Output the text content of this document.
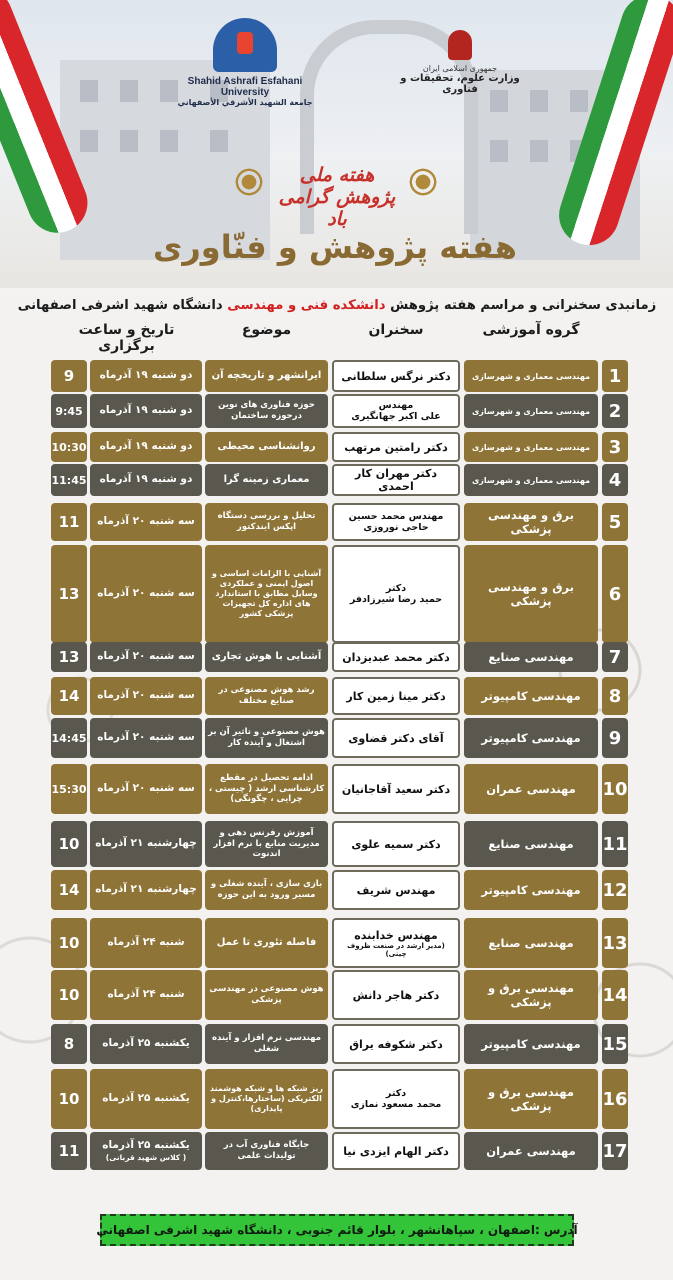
Shahid Ashrafi Esfahani University
جامعة الشهيد الأشرقي الأصفهاني
جمهوری اسلامی ایران
وزارت علوم، تحقیقات و فناوری
هفته ملی پژوهش گرامی باد
هفته پژوهش و فنّاوری
زمانبدی سخنرانی و مراسم هفته پژوهش دانشکده فنی و مهندسی دانشگاه شهید اشرفی اصفهانی
گروه آموزشی
سخنران
موضوع
تاریخ و ساعت برگزاری
1
مهندسی معماری و شهرسازی
دکتر نرگس سلطانی
ایرانشهر و تاریخچه آن
دو شنبه ۱۹ آذرماه
9
2
مهندسی معماری و شهرسازی
مهندس
علی اکبر جهانگیری
حوزه فناوری های نوین درحوزه ساختمان
دو شنبه ۱۹ آذرماه
9:45
3
مهندسی معماری و شهرسازی
دکتر رامتین مرتهب
روانشناسی محیطی
دو شنبه ۱۹ آذرماه
10:30
4
مهندسی معماری و شهرسازی
دکتر مهران کار احمدی
معماری زمینه گرا
دو شنبه ۱۹ آذرماه
11:45
5
برق و مهندسی پزشکی
مهندس محمد حسین حاجی نوروزی
تحلیل و بررسی دستگاه اپکس ایندکتور
سه شنبه ۲۰ آذرماه
11
6
برق و مهندسی پزشکی
دکتر
حمید رضا شیرزادفر
آشنایی با الزامات اساسی و اصول ایمنی و عملکردی وسایل مطابق با استاندارد های اداره کل تجهیزات پزشکی کشور
سه شنبه ۲۰ آذرماه
13
7
مهندسی صنایع
دکتر محمد عبدیزدان
آشنایی با هوش تجاری
سه شنبه ۲۰ آذرماه
13
8
مهندسی کامپیوتر
دکتر مینا زمین کار
رشد هوش مصنوعی در صنایع مختلف
سه شنبه ۲۰ آذرماه
14
9
مهندسی کامپیوتر
آقای دکتر قضاوی
هوش مصنوعی و تاثیر آن بر اشتغال و آینده کار
سه شنبه ۲۰ آذرماه
14:45
10
مهندسی عمران
دکتر سعید آقاجانیان
ادامه تحصیل در مقطع کارشناسی ارشد ( چیستی ، چرایی ، چگونگی)
سه شنبه ۲۰ آذرماه
15:30
11
مهندسی صنایع
دکتر سمیه علوی
آموزش رفرنس دهی و مدیریت منابع با نرم افزار اندنوت
چهارشنبه ۲۱ آذرماه
10
12
مهندسی کامپیوتر
مهندس شریف
بازی سازی ، آینده شغلی و مسیر ورود به این حوزه
چهارشنبه ۲۱ آذرماه
14
13
مهندسی صنایع
مهندس خدابنده
(مدیر ارشد در صنعت ظروف چینی)
فاصله تئوری تا عمل
شنبه ۲۴ آذرماه
10
14
مهندسی برق و پزشکی
دکتر هاجر دانش
هوش مصنوعی در مهندسی پزشکی
شنبه ۲۴ آذرماه
10
15
مهندسی کامپیوتر
دکتر شکوفه یراق
مهندسی نرم افزار و آینده شغلی
یکشنبه ۲۵ آذرماه
8
16
مهندسی برق و پزشکی
دکتر
محمد مسعود نمازی
ریز شبکه ها و شبکه هوشمند الکتریکی (ساختارها،کنترل و پایداری)
یکشنبه ۲۵ آذرماه
10
17
مهندسی عمران
دکتر الهام ایزدی نیا
جایگاه فناوری آب در تولیدات علمی
یکشنبه ۲۵ آذرماه
( کلاس شهید قربانی)
11
آدرس :اصفهان ، سپاهانشهر ، بلوار قائم جنوبی ، دانشگاه شهید اشرفی اصفهانی
